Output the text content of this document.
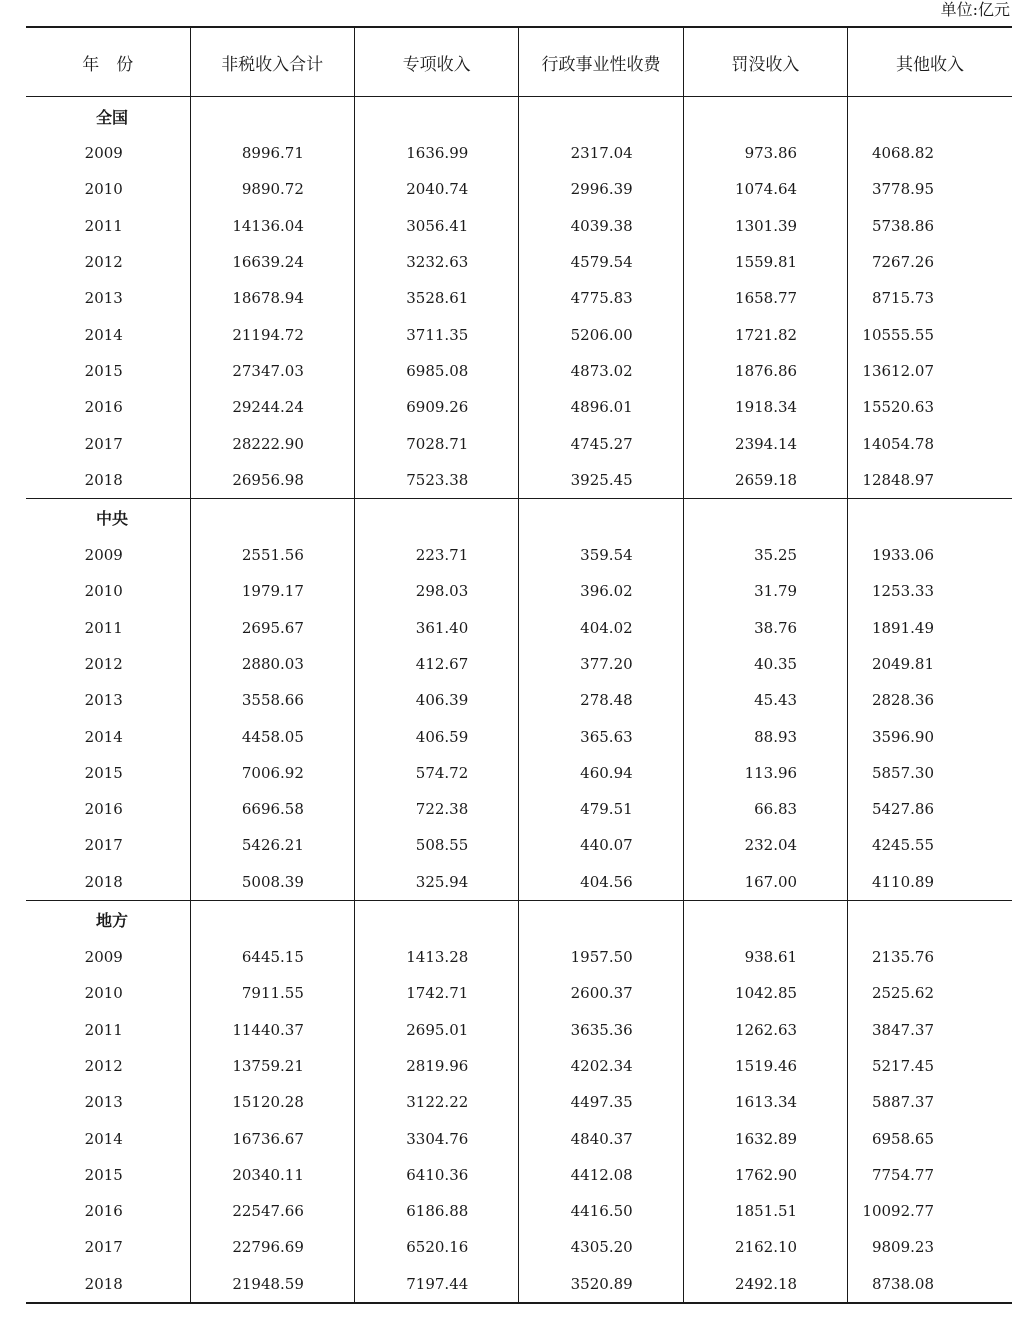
单位:亿元
年　份	非税收入合计	专项收入	行政事业性收费	罚没收入	其他收入
全国					
2009	8996.71	1636.99	2317.04	973.86	4068.82
2010	9890.72	2040.74	2996.39	1074.64	3778.95
2011	14136.04	3056.41	4039.38	1301.39	5738.86
2012	16639.24	3232.63	4579.54	1559.81	7267.26
2013	18678.94	3528.61	4775.83	1658.77	8715.73
2014	21194.72	3711.35	5206.00	1721.82	10555.55
2015	27347.03	6985.08	4873.02	1876.86	13612.07
2016	29244.24	6909.26	4896.01	1918.34	15520.63
2017	28222.90	7028.71	4745.27	2394.14	14054.78
2018	26956.98	7523.38	3925.45	2659.18	12848.97
中央					
2009	2551.56	223.71	359.54	35.25	1933.06
2010	1979.17	298.03	396.02	31.79	1253.33
2011	2695.67	361.40	404.02	38.76	1891.49
2012	2880.03	412.67	377.20	40.35	2049.81
2013	3558.66	406.39	278.48	45.43	2828.36
2014	4458.05	406.59	365.63	88.93	3596.90
2015	7006.92	574.72	460.94	113.96	5857.30
2016	6696.58	722.38	479.51	66.83	5427.86
2017	5426.21	508.55	440.07	232.04	4245.55
2018	5008.39	325.94	404.56	167.00	4110.89
地方					
2009	6445.15	1413.28	1957.50	938.61	2135.76
2010	7911.55	1742.71	2600.37	1042.85	2525.62
2011	11440.37	2695.01	3635.36	1262.63	3847.37
2012	13759.21	2819.96	4202.34	1519.46	5217.45
2013	15120.28	3122.22	4497.35	1613.34	5887.37
2014	16736.67	3304.76	4840.37	1632.89	6958.65
2015	20340.11	6410.36	4412.08	1762.90	7754.77
2016	22547.66	6186.88	4416.50	1851.51	10092.77
2017	22796.69	6520.16	4305.20	2162.10	9809.23
2018	21948.59	7197.44	3520.89	2492.18	8738.08
